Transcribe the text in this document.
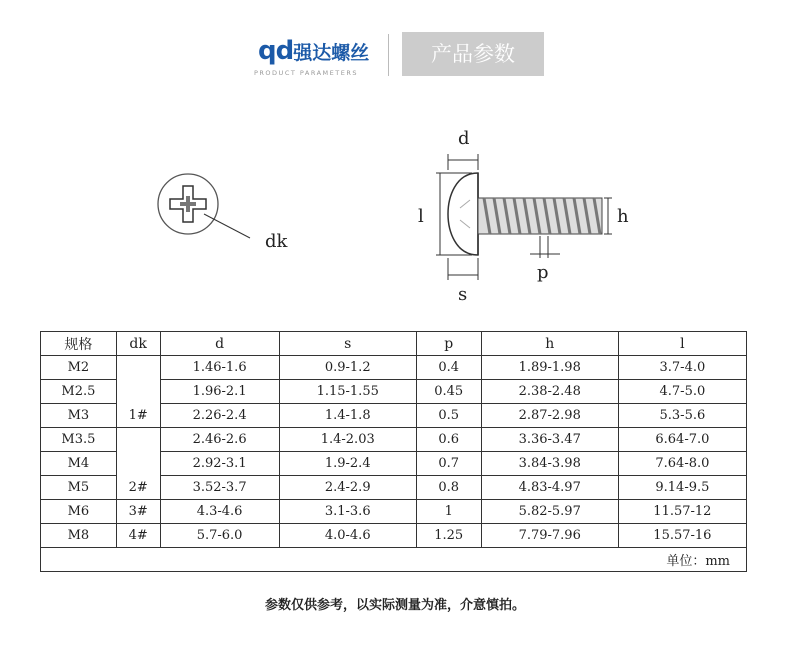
qd强达螺丝
PRODUCT PARAMETERS
产品参数
dk
d
l	h
p
s
规格	dk	d	s	p	h	l
M2	1#	1.46-1.6	0.9-1.2	0.4	1.89-1.98	3.7-4.0
M2.5		1.96-2.1	1.15-1.55	0.45	2.38-2.48	4.7-5.0
M3		2.26-2.4	1.4-1.8	0.5	2.87-2.98	5.3-5.6
M3.5	2#	2.46-2.6	1.4-2.03	0.6	3.36-3.47	6.64-7.0
M4		2.92-3.1	1.9-2.4	0.7	3.84-3.98	7.64-8.0
M5		3.52-3.7	2.4-2.9	0.8	4.83-4.97	9.14-9.5
M6	3#	4.3-4.6	3.1-3.6	1	5.82-5.97	11.57-12
M8	4#	5.7-6.0	4.0-4.6	1.25	7.79-7.96	15.57-16
单位：mm						
参数仅供参考，以实际测量为准，介意慎拍。
